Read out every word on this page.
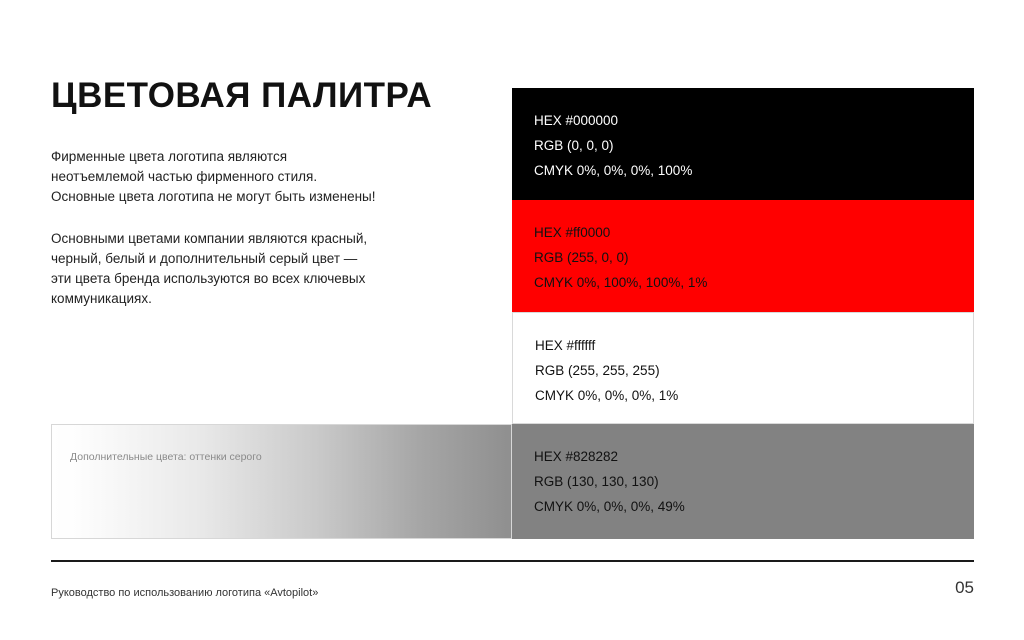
ЦВЕТОВАЯ ПАЛИТРА

Фирменные цвета логотипа являются неотъемлемой частью фирменного стиля. Основные цвета логотипа не могут быть изменены!

Основными цветами компании являются красный, черный, белый и дополнительный серый цвет — эти цвета бренда используются во всех ключевых коммуникациях.

Дополнительные цвета: оттенки серого
HEX #000000
RGB (0, 0, 0)
CMYK 0%, 0%, 0%, 100%
HEX #ff0000
RGB (255, 0, 0)
CMYK 0%, 100%, 100%, 1%
HEX #ffffff
RGB (255, 255, 255)
CMYK 0%, 0%, 0%, 1%
HEX #828282
RGB (130, 130, 130)
CMYK 0%, 0%, 0%, 49%
Руководство по использованию логотипа «Avtopilot»	05
